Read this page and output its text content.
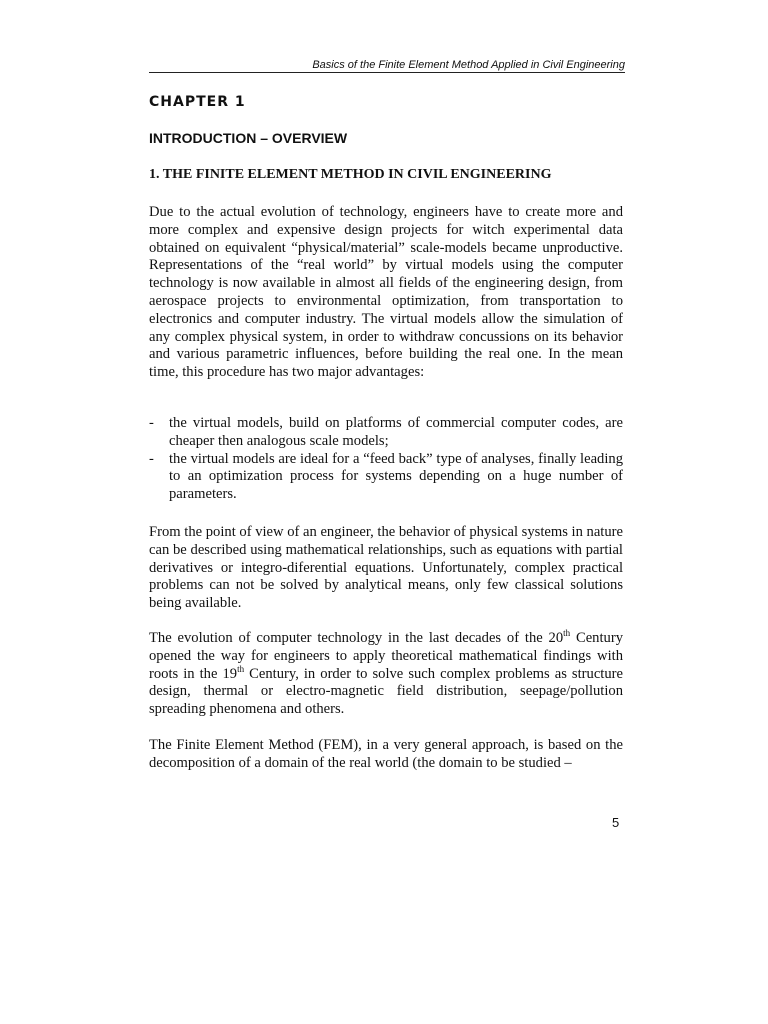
Basics of the Finite Element Method Applied in Civil Engineering
CHAPTER 1
INTRODUCTION – OVERVIEW
1. THE FINITE ELEMENT METHOD IN CIVIL ENGINEERING
Due to the actual evolution of technology, engineers have to create more and more complex and expensive design projects for witch experimental data obtained on equivalent “physical/material” scale-models became unproductive. Representations of the “real world” by virtual models using the computer technology is now available in almost all fields of the engineering design, from aerospace projects to environmental optimization, from transportation to electronics and computer industry. The virtual models allow the simulation of any complex physical system, in order to withdraw concussions on its behavior and various parametric influences, before building the real one. In the mean time, this procedure has two major advantages:
- the virtual models, build on platforms of commercial computer codes, are cheaper then analogous scale models;
- the virtual models are ideal for a “feed back” type of analyses, finally leading to an optimization process for systems depending on a huge number of parameters.
From the point of view of an engineer, the behavior of physical systems in nature can be described using mathematical relationships, such as equations with partial derivatives or integro-diferential equations. Unfortunately, complex practical problems can not be solved by analytical means, only few classical solutions being available.
The evolution of computer technology in the last decades of the 20th Century opened the way for engineers to apply theoretical mathematical findings with roots in the 19th Century, in order to solve such complex problems as structure design, thermal or electro-magnetic field distribution, seepage/pollution spreading phenomena and others.
The Finite Element Method (FEM), in a very general approach, is based on the decomposition of a domain of the real world (the domain to be studied –
5
